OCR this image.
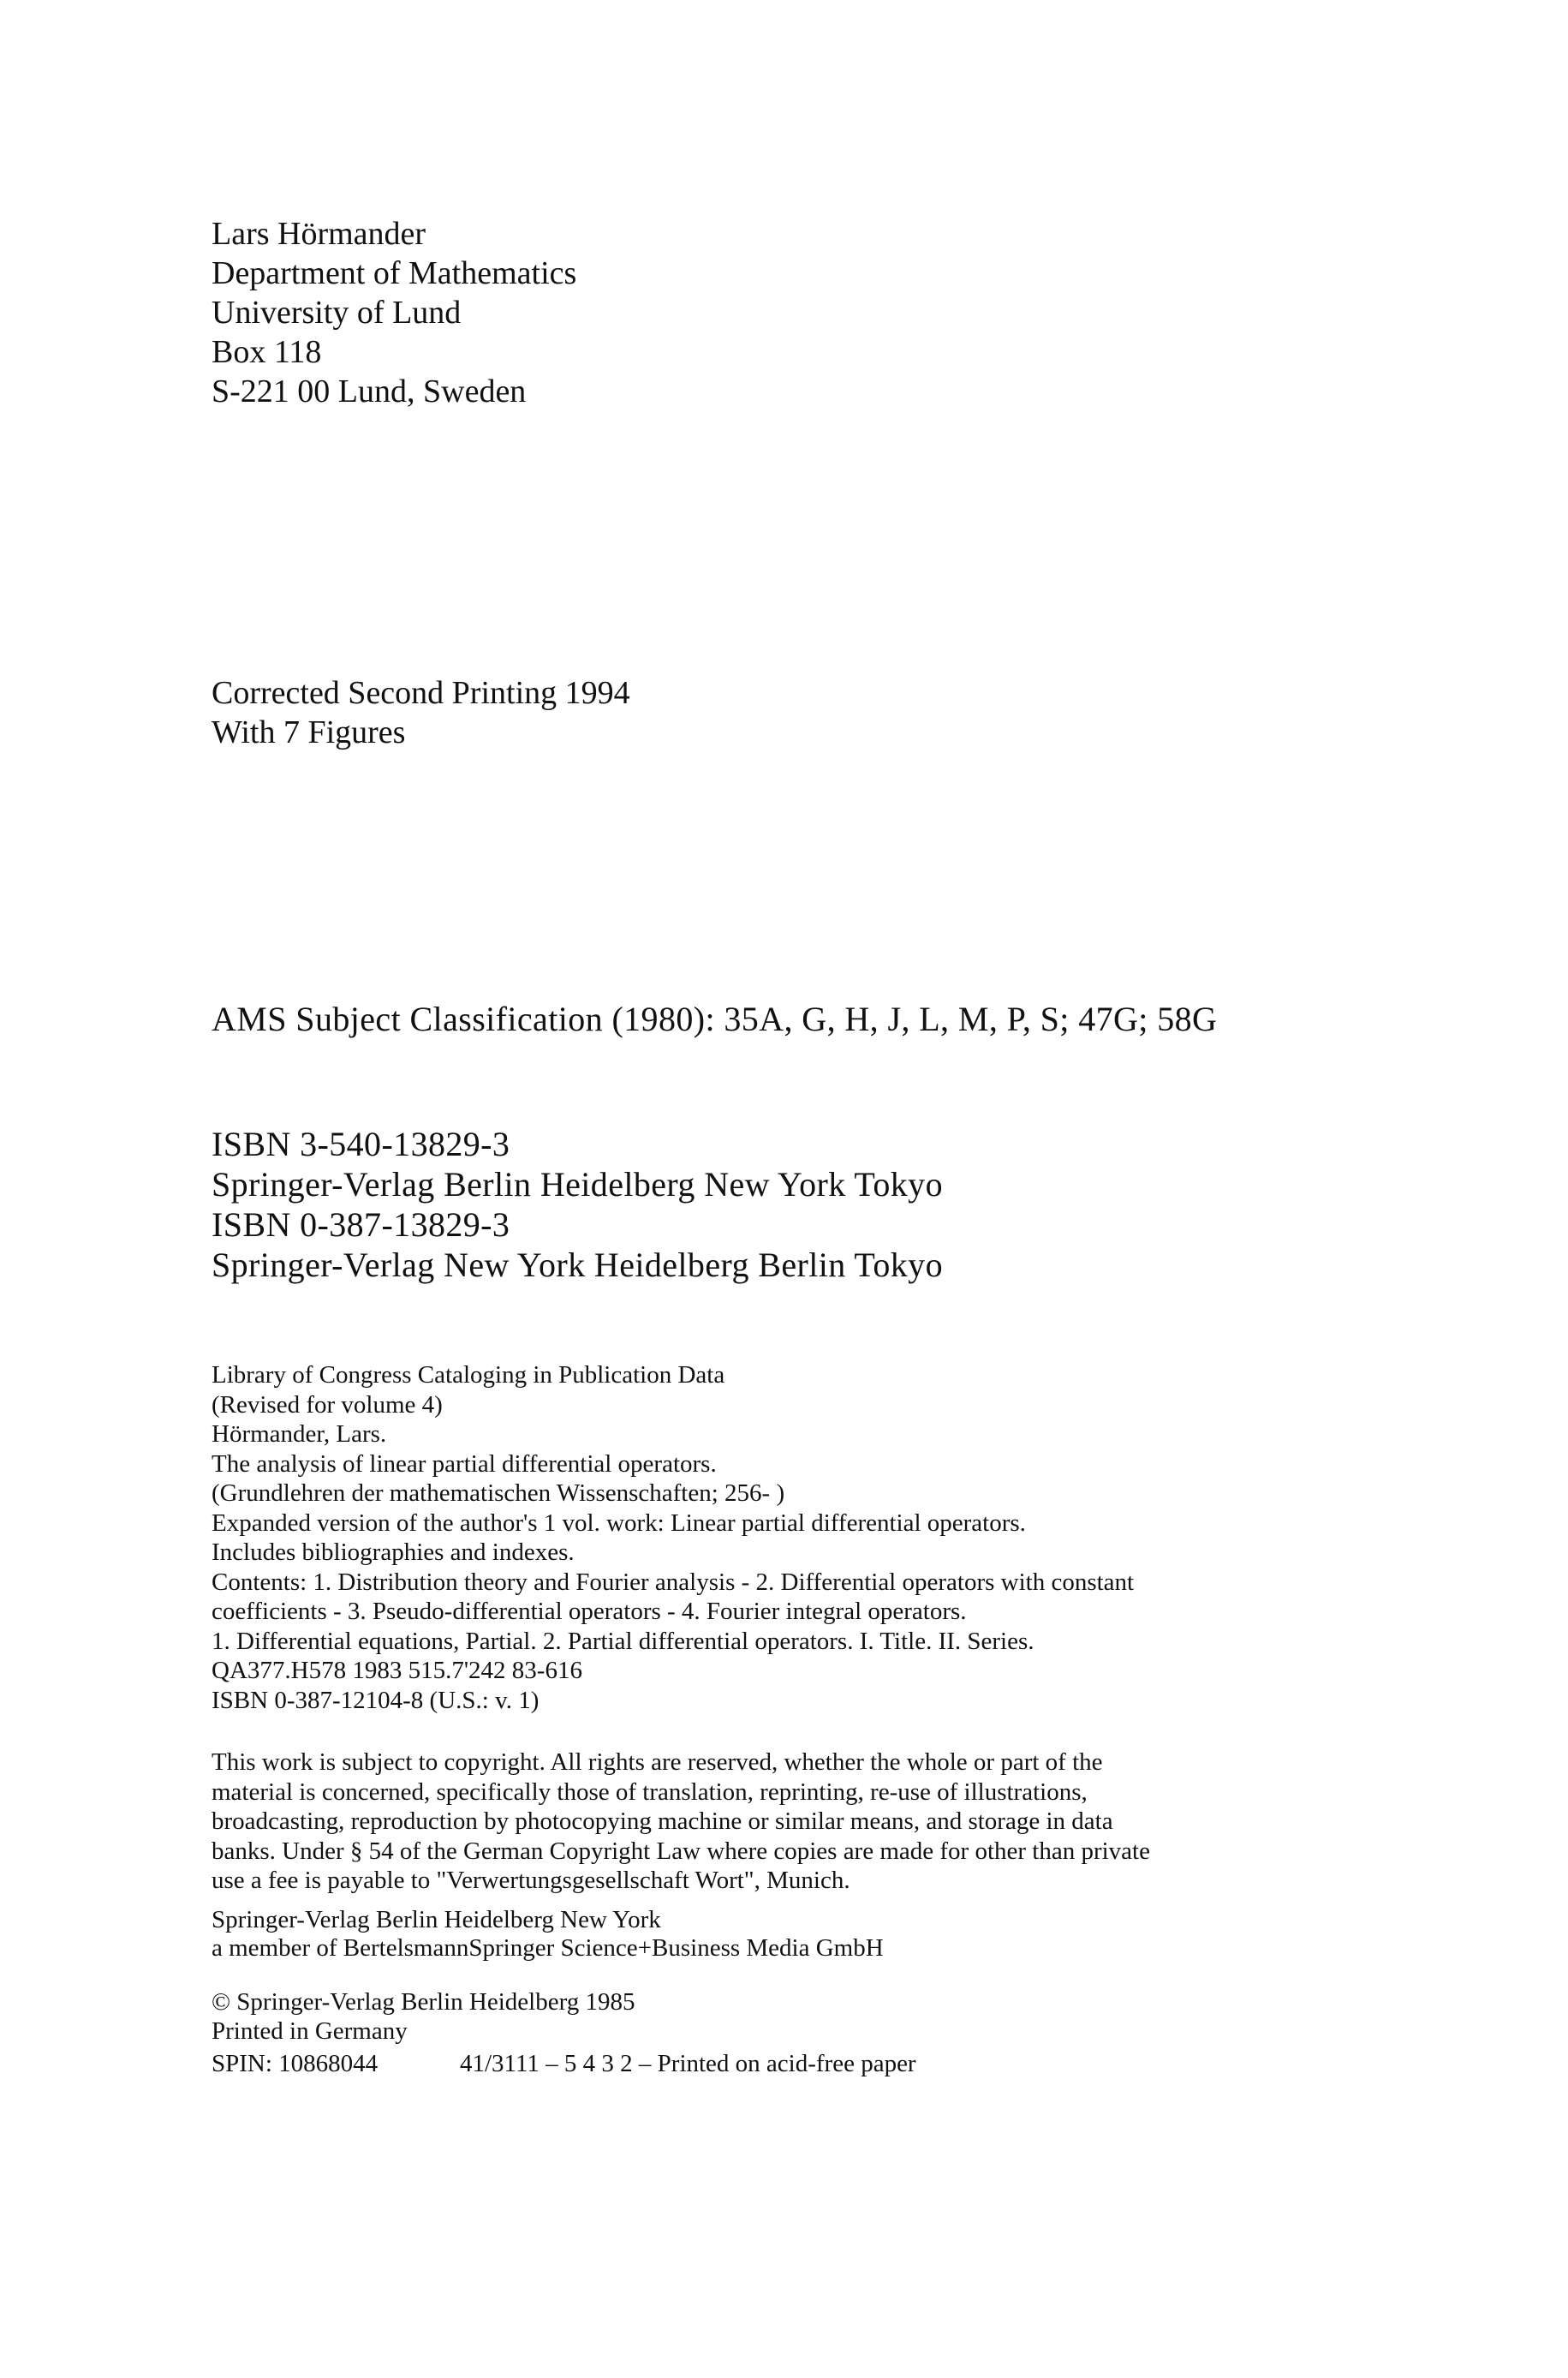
Lars Hörmander
Department of Mathematics
University of Lund
Box 118
S-221 00 Lund, Sweden
Corrected Second Printing 1994
With 7 Figures
AMS Subject Classification (1980): 35A, G, H, J, L, M, P, S; 47G; 58G
ISBN 3-540-13829-3
Springer-Verlag Berlin Heidelberg New York Tokyo
ISBN 0-387-13829-3
Springer-Verlag New York Heidelberg Berlin Tokyo
Library of Congress Cataloging in Publication Data
(Revised for volume 4)
Hörmander, Lars.
The analysis of linear partial differential operators.
(Grundlehren der mathematischen Wissenschaften; 256- )
Expanded version of the author's 1 vol. work: Linear partial differential operators.
Includes bibliographies and indexes.
Contents: 1. Distribution theory and Fourier analysis - 2. Differential operators with constant
coefficients - 3. Pseudo-differential operators - 4. Fourier integral operators.
1. Differential equations, Partial. 2. Partial differential operators. I. Title. II. Series.
QA377.H578 1983 515.7'242 83-616
ISBN 0-387-12104-8 (U.S.: v. 1)
This work is subject to copyright. All rights are reserved, whether the whole or part of the
material is concerned, specifically those of translation, reprinting, re-use of illustrations,
broadcasting, reproduction by photocopying machine or similar means, and storage in data
banks. Under § 54 of the German Copyright Law where copies are made for other than private
use a fee is payable to "Verwertungsgesellschaft Wort", Munich.
Springer-Verlag Berlin Heidelberg New York
a member of BertelsmannSpringer Science+Business Media GmbH
© Springer-Verlag Berlin Heidelberg 1985
Printed in Germany
SPIN: 10868044	41/3111 – 5 4 3 2 – Printed on acid-free paper
